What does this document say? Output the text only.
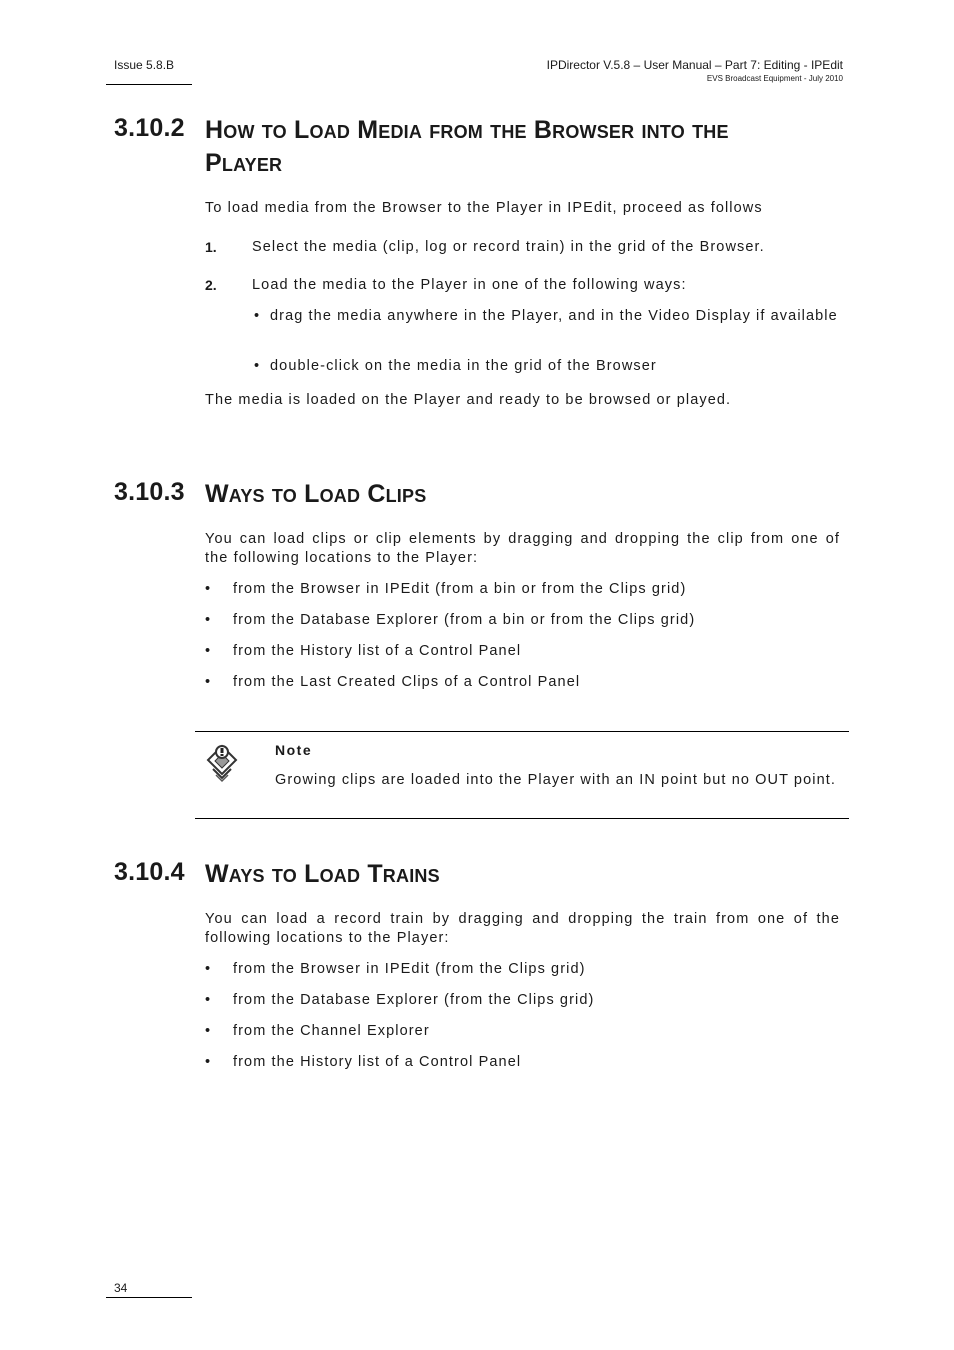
Issue 5.8.B	IPDirector V.5.8 – User Manual – Part 7: Editing - IPEdit
EVS Broadcast Equipment - July 2010
3.10.2 How to Load Media from the Browser into the Player
To load media from the Browser to the Player in IPEdit, proceed as follows
1. Select the media (clip, log or record train) in the grid of the Browser.
2. Load the media to the Player in one of the following ways:
• drag the media anywhere in the Player, and in the Video Display if available
• double-click on the media in the grid of the Browser
The media is loaded on the Player and ready to be browsed or played.
3.10.3 Ways to Load Clips
You can load clips or clip elements by dragging and dropping the clip from one of the following locations to the Player:
• from the Browser in IPEdit (from a bin or from the Clips grid)
• from the Database Explorer (from a bin or from the Clips grid)
• from the History list of a Control Panel
• from the Last Created Clips of a Control Panel
Note
Growing clips are loaded into the Player with an IN point but no OUT point.
3.10.4 Ways to Load Trains
You can load a record train by dragging and dropping the train from one of the following locations to the Player:
• from the Browser in IPEdit (from the Clips grid)
• from the Database Explorer (from the Clips grid)
• from the Channel Explorer
• from the History list of a Control Panel
34
